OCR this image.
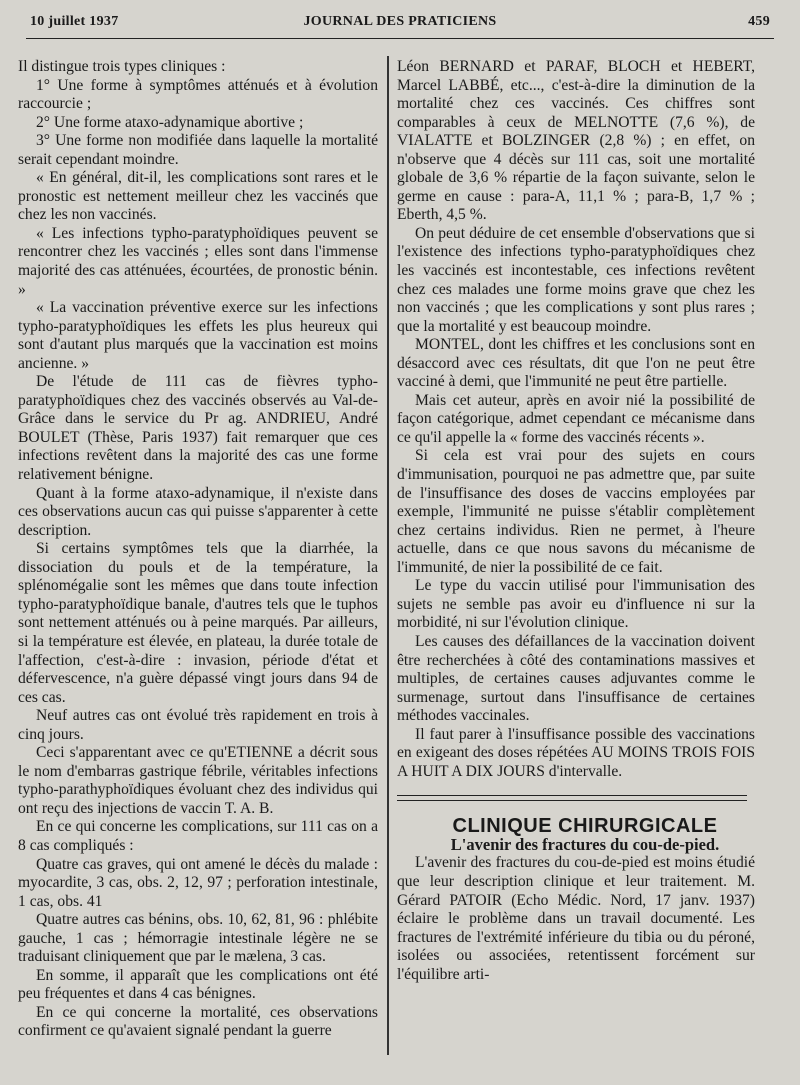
10 juillet 1937	JOURNAL DES PRATICIENS	459

Il distingue trois types cliniques :

1° Une forme à symptômes atténués et à évolution raccourcie ;

2° Une forme ataxo-adynamique abortive ;

3° Une forme non modifiée dans laquelle la mortalité serait cependant moindre.

« En général, dit-il, les complications sont rares et le pronostic est nettement meilleur chez les vaccinés que chez les non vaccinés.

« Les infections typho-paratyphoïdiques peuvent se rencontrer chez les vaccinés ; elles sont dans l'immense majorité des cas atténuées, écourtées, de pronostic bénin. »

« La vaccination préventive exerce sur les infections typho-paratyphoïdiques les effets les plus heureux qui sont d'autant plus marqués que la vaccination est moins ancienne. »

De l'étude de 111 cas de fièvres typho-paratyphoïdiques chez des vaccinés observés au Val-de-Grâce dans le service du Pr ag. ANDRIEU, André BOULET (Thèse, Paris 1937) fait remarquer que ces infections revêtent dans la majorité des cas une forme relativement bénigne.

Quant à la forme ataxo-adynamique, il n'existe dans ces observations aucun cas qui puisse s'apparenter à cette description.

Si certains symptômes tels que la diarrhée, la dissociation du pouls et de la température, la splénomégalie sont les mêmes que dans toute infection typho-paratyphoïdique banale, d'autres tels que le tuphos sont nettement atténués ou à peine marqués. Par ailleurs, si la température est élevée, en plateau, la durée totale de l'affection, c'est-à-dire : invasion, période d'état et défervescence, n'a guère dépassé vingt jours dans 94 de ces cas.

Neuf autres cas ont évolué très rapidement en trois à cinq jours.

Ceci s'apparentant avec ce qu'ETIENNE a décrit sous le nom d'embarras gastrique fébrile, véritables infections typho-parathyphoïdiques évoluant chez des individus qui ont reçu des injections de vaccin T. A. B.

En ce qui concerne les complications, sur 111 cas on a 8 cas compliqués :

Quatre cas graves, qui ont amené le décès du malade : myocardite, 3 cas, obs. 2, 12, 97 ; perforation intestinale, 1 cas, obs. 41

Quatre autres cas bénins, obs. 10, 62, 81, 96 : phlébite gauche, 1 cas ; hémorragie intestinale légère ne se traduisant cliniquement que par le mælena, 3 cas.

En somme, il apparaît que les complications ont été peu fréquentes et dans 4 cas bénignes.

En ce qui concerne la mortalité, ces observations confirment ce qu'avaient signalé pendant la guerre

Léon BERNARD et PARAF, BLOCH et HEBERT, Marcel LABBÉ, etc..., c'est-à-dire la diminution de la mortalité chez ces vaccinés. Ces chiffres sont comparables à ceux de MELNOTTE (7,6 %), de VIALATTE et BOLZINGER (2,8 %) ; en effet, on n'observe que 4 décès sur 111 cas, soit une mortalité globale de 3,6 % répartie de la façon suivante, selon le germe en cause : para-A, 11,1 % ; para-B, 1,7 % ; Eberth, 4,5 %.

On peut déduire de cet ensemble d'observations que si l'existence des infections typho-paratyphoïdiques chez les vaccinés est incontestable, ces infections revêtent chez ces malades une forme moins grave que chez les non vaccinés ; que les complications y sont plus rares ; que la mortalité y est beaucoup moindre.

MONTEL, dont les chiffres et les conclusions sont en désaccord avec ces résultats, dit que l'on ne peut être vacciné à demi, que l'immunité ne peut être partielle.

Mais cet auteur, après en avoir nié la possibilité de façon catégorique, admet cependant ce mécanisme dans ce qu'il appelle la « forme des vaccinés récents ».

Si cela est vrai pour des sujets en cours d'immunisation, pourquoi ne pas admettre que, par suite de l'insuffisance des doses de vaccins employées par exemple, l'immunité ne puisse s'établir complètement chez certains individus. Rien ne permet, à l'heure actuelle, dans ce que nous savons du mécanisme de l'immunité, de nier la possibilité de ce fait.

Le type du vaccin utilisé pour l'immunisation des sujets ne semble pas avoir eu d'influence ni sur la morbidité, ni sur l'évolution clinique.

Les causes des défaillances de la vaccination doivent être recherchées à côté des contaminations massives et multiples, de certaines causes adjuvantes comme le surmenage, surtout dans l'insuffisance de certaines méthodes vaccinales.

Il faut parer à l'insuffisance possible des vaccinations en exigeant des doses répétées AU MOINS TROIS FOIS A HUIT A DIX JOURS d'intervalle.

CLINIQUE CHIRURGICALE

L'avenir des fractures du cou-de-pied.

L'avenir des fractures du cou-de-pied est moins étudié que leur description clinique et leur traitement. M. Gérard PATOIR (Echo Médic. Nord, 17 janv. 1937) éclaire le problème dans un travail documenté. Les fractures de l'extrémité inférieure du tibia ou du péroné, isolées ou associées, retentissent forcément sur l'équilibre arti-
